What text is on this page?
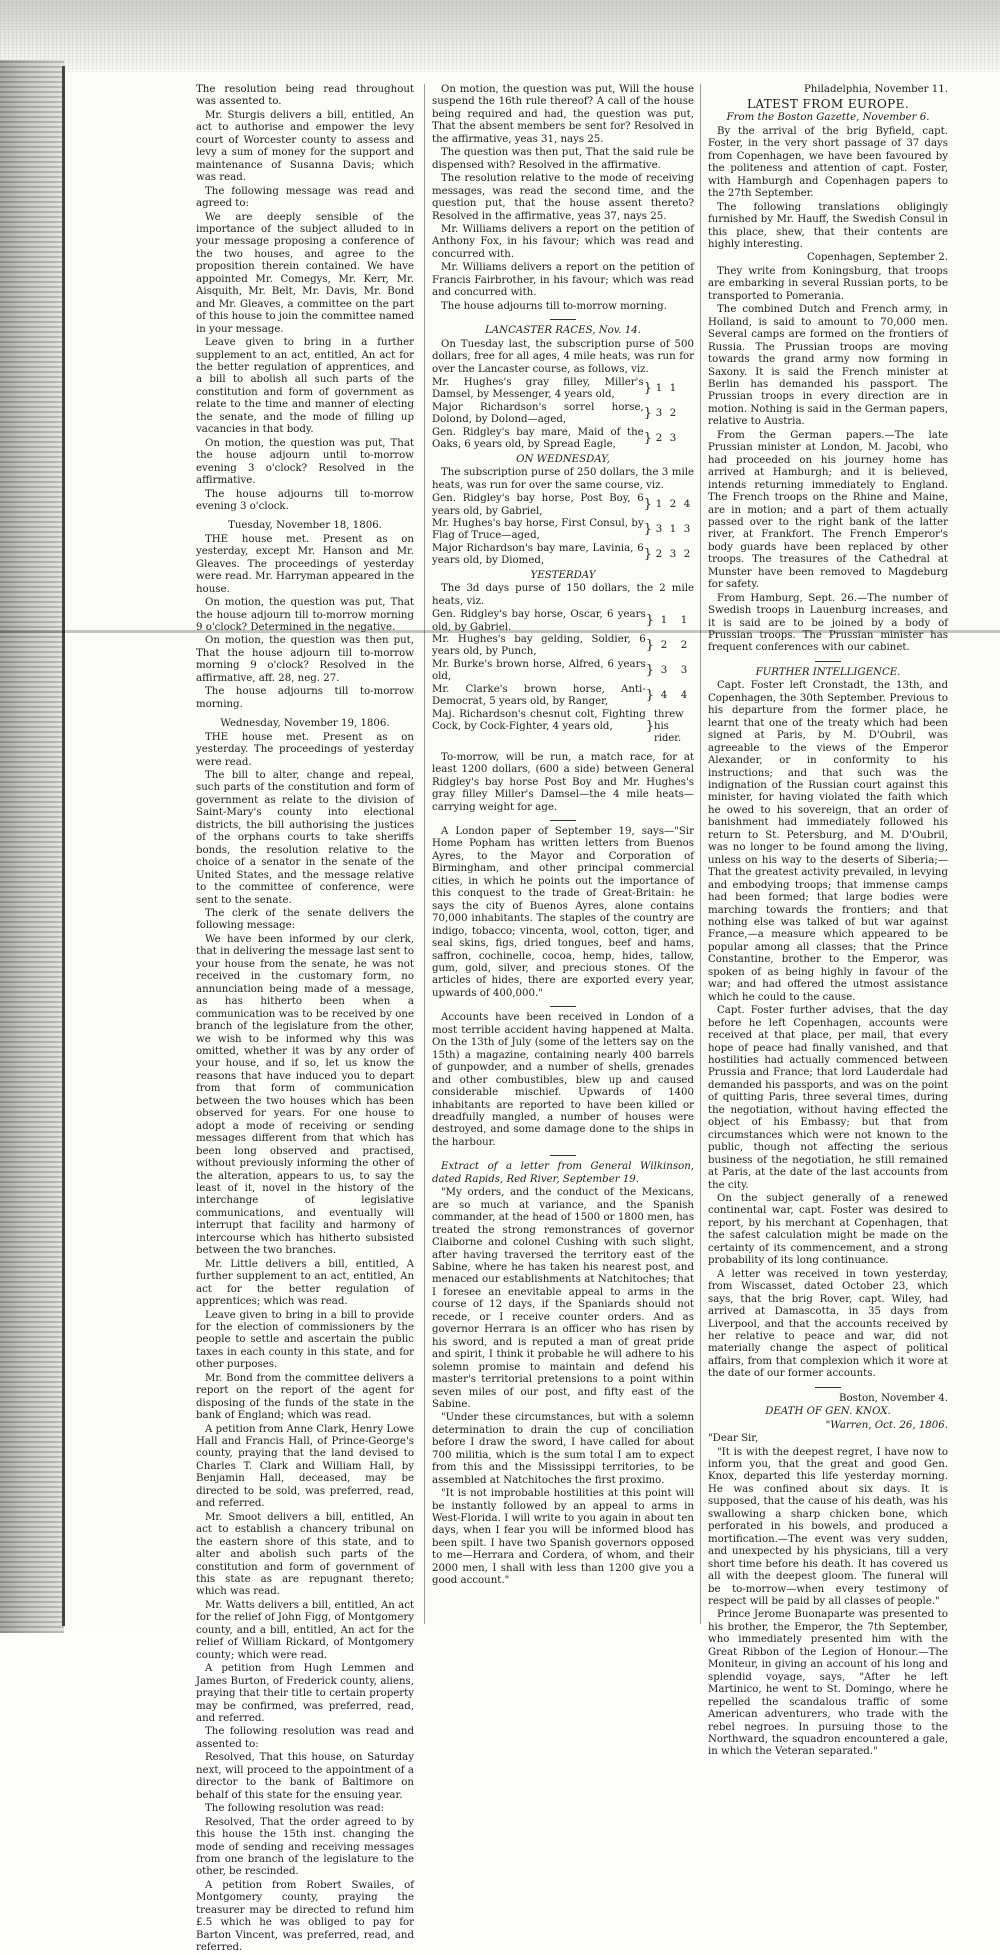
The resolution being read throughout was assented to.

Mr. Sturgis delivers a bill, entitled, An act to authorise and empower the levy court of Worcester county to assess and levy a sum of money for the support and maintenance of Susanna Davis; which was read.

The following message was read and agreed to:

We are deeply sensible of the importance of the subject alluded to in your message proposing a conference of the two houses, and agree to the proposition therein contained. We have appointed Mr. Comegys, Mr. Kerr, Mr. Aisquith, Mr. Belt, Mr. Davis, Mr. Bond and Mr. Gleaves, a committee on the part of this house to join the committee named in your message.

Leave given to bring in a further supplement to an act, entitled, An act for the better regulation of apprentices, and a bill to abolish all such parts of the constitution and form of government as relate to the time and manner of electing the senate, and the mode of filling up vacancies in that body.

On motion, the question was put, That the house adjourn until to-morrow evening 3 o'clock? Resolved in the affirmative.

The house adjourns till to-morrow evening 3 o'clock.

Tuesday, November 18, 1806.

THE house met. Present as on yesterday, except Mr. Hanson and Mr. Gleaves. The proceedings of yesterday were read. Mr. Harryman appeared in the house.

On motion, the question was put, That the house adjourn till to-morrow morning 9 o'clock? Determined in the negative.

On motion, the question was then put, That the house adjourn till to-morrow morning 9 o'clock? Resolved in the affirmative, aff. 28, neg. 27.

The house adjourns till to-morrow morning.

Wednesday, November 19, 1806.

THE house met. Present as on yesterday. The proceedings of yesterday were read.

The bill to alter, change and repeal, such parts of the constitution and form of government as relate to the division of Saint-Mary's county into electional districts, the bill authorising the justices of the orphans courts to take sheriffs bonds, the resolution relative to the choice of a senator in the senate of the United States, and the message relative to the committee of conference, were sent to the senate.

The clerk of the senate delivers the following message:

We have been informed by our clerk, that in delivering the message last sent to your house from the senate, he was not received in the customary form, no annunciation being made of a message, as has hitherto been when a communication was to be received by one branch of the legislature from the other, we wish to be informed why this was omitted, whether it was by any order of your house, and if so, let us know the reasons that have induced you to depart from that form of communication between the two houses which has been observed for years. For one house to adopt a mode of receiving or sending messages different from that which has been long observed and practised, without previously informing the other of the alteration, appears to us, to say the least of it, novel in the history of the interchange of legislative communications, and eventually will interrupt that facility and harmony of intercourse which has hitherto subsisted between the two branches.

Mr. Little delivers a bill, entitled, A further supplement to an act, entitled, An act for the better regulation of apprentices; which was read.

Leave given to bring in a bill to provide for the election of commissioners by the people to settle and ascertain the public taxes in each county in this state, and for other purposes.

Mr. Bond from the committee delivers a report on the report of the agent for disposing of the funds of the state in the bank of England; which was read.

A petition from Anne Clark, Henry Lowe Hall and Francis Hall, of Prince-George's county, praying that the land devised to Charles T. Clark and William Hall, by Benjamin Hall, deceased, may be directed to be sold, was preferred, read, and referred.

Mr. Smoot delivers a bill, entitled, An act to establish a chancery tribunal on the eastern shore of this state, and to alter and abolish such parts of the constitution and form of government of this state as are repugnant thereto; which was read.

Mr. Watts delivers a bill, entitled, An act for the relief of John Figg, of Montgomery county, and a bill, entitled, An act for the relief of William Rickard, of Montgomery county; which were read.

A petition from Hugh Lemmen and James Burton, of Frederick county, aliens, praying that their title to certain property may be confirmed, was preferred, read, and referred.

The following resolution was read and assented to:

Resolved, That this house, on Saturday next, will proceed to the appointment of a director to the bank of Baltimore on behalf of this state for the ensuing year.

The following resolution was read:

Resolved, That the order agreed to by this house the 15th inst. changing the mode of sending and receiving messages from one branch of the legislature to the other, be rescinded.

A petition from Robert Swailes, of Montgomery county, praying the treasurer may be directed to refund him £.5 which he was obliged to pay for Barton Vincent, was preferred, read, and referred.

On motion, the question was put, Will the house suspend the 16th rule thereof? A call of the house being required and had, the question was put, That the absent members be sent for? Resolved in the affirmative, yeas 31, nays 25.

The question was then put, That the said rule be dispensed with? Resolved in the affirmative.

The resolution relative to the mode of receiving messages, was read the second time, and the question put, that the house assent thereto? Resolved in the affirmative, yeas 37, nays 25.

Mr. Williams delivers a report on the petition of Anthony Fox, in his favour; which was read and concurred with.

Mr. Williams delivers a report on the petition of Francis Fairbrother, in his favour; which was read and concurred with.

The house adjourns till to-morrow morning.

LANCASTER RACES, Nov. 14.

On Tuesday last, the subscription purse of 500 dollars, free for all ages, 4 mile heats, was run for over the Lancaster course, as follows, viz.

Mr. Hughes's gray filley, Miller's Damsel, by Messenger, 4 years old,	}	1	1	
Major Richardson's sorrel horse, Dolond, by Dolond—aged,	}	3	2	
Gen. Ridgley's bay mare, Maid of the Oaks, 6 years old, by Spread Eagle,	}	2	3	

ON WEDNESDAY,

The subscription purse of 250 dollars, the 3 mile heats, was run for over the same course, viz.

Gen. Ridgley's bay horse, Post Boy, 6 years old, by Gabriel,	}	1	2	4
Mr. Hughes's bay horse, First Consul, by Flag of Truce—aged,	}	3	1	3
Major Richardson's bay mare, Lavinia, 6 years old, by Diomed,	}	2	3	2

YESTERDAY

The 3d days purse of 150 dollars, the 2 mile heats, viz.

Gen. Ridgley's bay horse, Oscar, 6 years old, by Gabriel.	}	1	1
Mr. Hughes's bay gelding, Soldier, 6 years old, by Punch,	}	2	2
Mr. Burke's brown horse, Alfred, 6 years old,	}	3	3
Mr. Clarke's brown horse, Anti-Democrat, 5 years old, by Ranger,	}	4	4
Maj. Richardson's chesnut colt, Fighting Cock, by Cock-Fighter, 4 years old,	}	threw his rider.	

To-morrow, will be run, a match race, for at least 1200 dollars, (600 a side) between General Ridgley's bay horse Post Boy and Mr. Hughes's gray filley Miller's Damsel—the 4 mile heats—carrying weight for age.

A London paper of September 19, says—"Sir Home Popham has written letters from Buenos Ayres, to the Mayor and Corporation of Birmingham, and other principal commercial cities, in which he points out the importance of this conquest to the trade of Great-Britain: he says the city of Buenos Ayres, alone contains 70,000 inhabitants. The staples of the country are indigo, tobacco; vincenta, wool, cotton, tiger, and seal skins, figs, dried tongues, beef and hams, saffron, cochinelle, cocoa, hemp, hides, tallow, gum, gold, silver, and precious stones. Of the articles of hides, there are exported every year, upwards of 400,000."

Accounts have been received in London of a most terrible accident having happened at Malta. On the 13th of July (some of the letters say on the 15th) a magazine, containing nearly 400 barrels of gunpowder, and a number of shells, grenades and other combustibles, blew up and caused considerable mischief. Upwards of 1400 inhabitants are reported to have been killed or dreadfully mangled, a number of houses were destroyed, and some damage done to the ships in the harbour.

Extract of a letter from General Wilkinson, dated Rapids, Red River, September 19.

"My orders, and the conduct of the Mexicans, are so much at variance, and the Spanish commander, at the head of 1500 or 1800 men, has treated the strong remonstrances of governor Claiborne and colonel Cushing with such slight, after having traversed the territory east of the Sabine, where he has taken his nearest post, and menaced our establishments at Natchitoches; that I foresee an enevitable appeal to arms in the course of 12 days, if the Spaniards should not recede, or I receive counter orders. And as governor Herrara is an officer who has risen by his sword, and is reputed a man of great pride and spirit, I think it probable he will adhere to his solemn promise to maintain and defend his master's territorial pretensions to a point within seven miles of our post, and fifty east of the Sabine.

"Under these circumstances, but with a solemn determination to drain the cup of conciliation before I draw the sword, I have called for about 700 militia, which is the sum total I am to expect from this and the Mississippi territories, to be assembled at Natchitoches the first proximo.

"It is not improbable hostilities at this point will be instantly followed by an appeal to arms in West-Florida. I will write to you again in about ten days, when I fear you will be informed blood has been spilt. I have two Spanish governors opposed to me—Herrara and Cordera, of whom, and their 2000 men, I shall with less than 1200 give you a good account."

Philadelphia, November 11.

LATEST FROM EUROPE.

From the Boston Gazette, November 6.

By the arrival of the brig Byfield, capt. Foster, in the very short passage of 37 days from Copenhagen, we have been favoured by the politeness and attention of capt. Foster, with Hamburgh and Copenhagen papers to the 27th September.

The following translations obligingly furnished by Mr. Hauff, the Swedish Consul in this place, shew, that their contents are highly interesting.

Copenhagen, September 2.

They write from Koningsburg, that troops are embarking in several Russian ports, to be transported to Pomerania.

The combined Dutch and French army, in Holland, is said to amount to 70,000 men. Several camps are formed on the frontiers of Russia. The Prussian troops are moving towards the grand army now forming in Saxony. It is said the French minister at Berlin has demanded his passport. The Prussian troops in every direction are in motion. Nothing is said in the German papers, relative to Austria.

From the German papers.—The late Prussian minister at London, M. Jacobi, who had proceeded on his journey home has arrived at Hamburgh; and it is believed, intends returning immediately to England. The French troops on the Rhine and Maine, are in motion; and a part of them actually passed over to the right bank of the latter river, at Frankfort. The French Emperor's body guards have been replaced by other troops. The treasures of the Cathedral at Munster have been removed to Magdeburg for safety.

From Hamburg, Sept. 26.—The number of Swedish troops in Lauenburg increases, and it is said are to be joined by a body of Prussian troops. The Prussian minister has frequent conferences with our cabinet.

FURTHER INTELLIGENCE.

Capt. Foster left Cronstadt, the 13th, and Copenhagen, the 30th September. Previous to his departure from the former place, he learnt that one of the treaty which had been signed at Paris, by M. D'Oubril, was agreeable to the views of the Emperor Alexander, or in conformity to his instructions; and that such was the indignation of the Russian court against this minister, for having violated the faith which he owed to his sovereign, that an order of banishment had immediately followed his return to St. Petersburg, and M. D'Oubril, was no longer to be found among the living, unless on his way to the deserts of Siberia;—That the greatest activity prevailed, in levying and embodying troops; that immense camps had been formed; that large bodies were marching towards the frontiers; and that nothing else was talked of but war against France,—a measure which appeared to be popular among all classes; that the Prince Constantine, brother to the Emperor, was spoken of as being highly in favour of the war; and had offered the utmost assistance which he could to the cause.

Capt. Foster further advises, that the day before he left Copenhagen, accounts were received at that place, per mail, that every hope of peace had finally vanished, and that hostilities had actually commenced between Prussia and France; that lord Lauderdale had demanded his passports, and was on the point of quitting Paris, three several times, during the negotiation, without having effected the object of his Embassy; but that from circumstances which were not known to the public, though not affecting the serious business of the negotiation, he still remained at Paris, at the date of the last accounts from the city.

On the subject generally of a renewed continental war, capt. Foster was desired to report, by his merchant at Copenhagen, that the safest calculation might be made on the certainty of its commencement, and a strong probability of its long continuance.

A letter was received in town yesterday, from Wiscasset, dated October 23, which says, that the brig Rover, capt. Wiley, had arrived at Damascotta, in 35 days from Liverpool, and that the accounts received by her relative to peace and war, did not materially change the aspect of political affairs, from that complexion which it wore at the date of our former accounts.

Boston, November 4.

DEATH OF GEN. KNOX.

"Warren, Oct. 26, 1806.

"Dear Sir,

"It is with the deepest regret, I have now to inform you, that the great and good Gen. Knox, departed this life yesterday morning. He was confined about six days. It is supposed, that the cause of his death, was his swallowing a sharp chicken bone, which perforated in his bowels, and produced a mortification.—The event was very sudden, and unexpected by his physicians, till a very short time before his death. It has covered us all with the deepest gloom. The funeral will be to-morrow—when every testimony of respect will be paid by all classes of people."

Prince Jerome Buonaparte was presented to his brother, the Emperor, the 7th September, who immediately presented him with the Great Ribbon of the Legion of Honour.—The Moniteur, in giving an account of his long and splendid voyage, says, "After he left Martinico, he went to St. Domingo, where he repelled the scandalous traffic of some American adventurers, who trade with the rebel negroes. In pursuing those to the Northward, the squadron encountered a gale, in which the Veteran separated."
